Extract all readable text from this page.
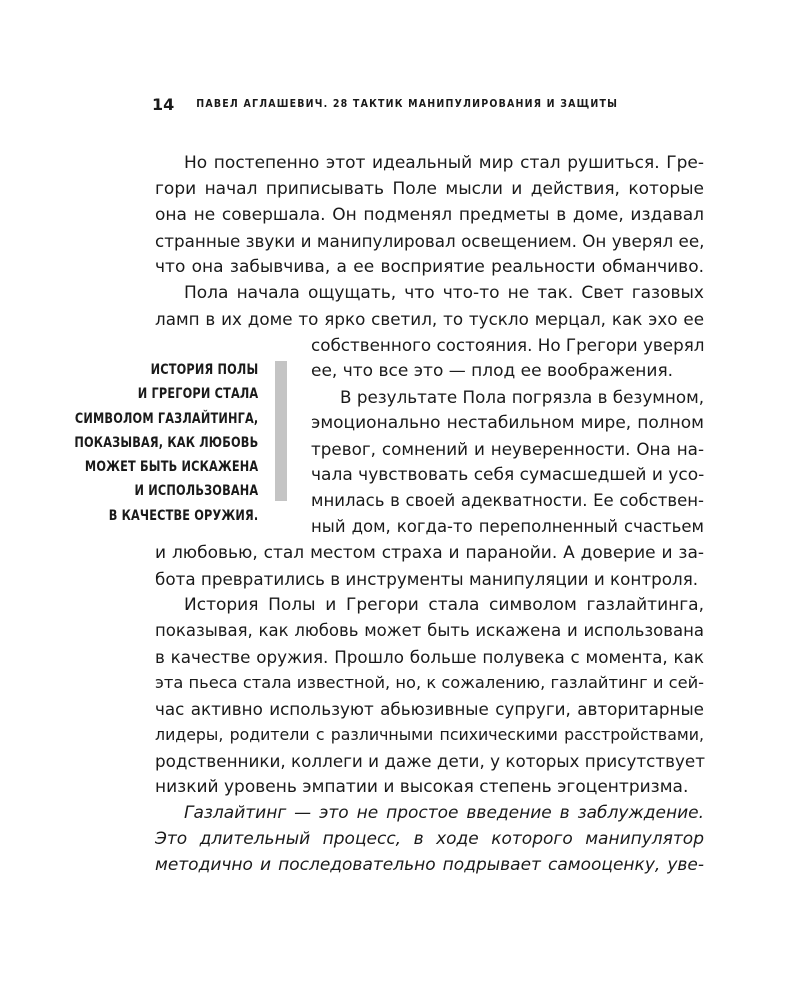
14 ПАВЕЛ АГЛАШЕВИЧ. 28 ТАКТИК МАНИПУЛИРОВАНИЯ И ЗАЩИТЫ
Но постепенно этот идеальный мир стал рушиться. Гре-
гори начал приписывать Поле мысли и действия, которые
она не совершала. Он подменял предметы в доме, издавал
странные звуки и манипулировал освещением. Он уверял ее,
что она забывчива, а ее восприятие реальности обманчиво.
Пола начала ощущать, что что-то не так. Свет газовых
ламп в их доме то ярко светил, то тускло мерцал, как эхо ее
собственного состояния. Но Грегори уверял
ее, что все это — плод ее воображения.
В результате Пола погрязла в безумном,
эмоционально нестабильном мире, полном
тревог, сомнений и неуверенности. Она на-
чала чувствовать себя сумасшедшей и усо-
мнилась в своей адекватности. Ее собствен-
ный дом, когда-то переполненный счастьем
и любовью, стал местом страха и паранойи. А доверие и за-
бота превратились в инструменты манипуляции и контроля.
История Полы и Грегори стала символом газлайтинга,
показывая, как любовь может быть искажена и использована
в качестве оружия. Прошло больше полувека с момента, как
эта пьеса стала известной, но, к сожалению, газлайтинг и сей-
час активно используют абьюзивные супруги, авторитарные
лидеры, родители с различными психическими расстройствами,
родственники, коллеги и даже дети, у которых присутствует
низкий уровень эмпатии и высокая степень эгоцентризма.
Газлайтинг — это не простое введение в заблуждение.
Это длительный процесс, в ходе которого манипулятор
методично и последовательно подрывает самооценку, уве-
ИСТОРИЯ ПОЛЫ
И ГРЕГОРИ СТАЛА
СИМВОЛОМ ГАЗЛАЙТИНГА,
ПОКАЗЫВАЯ, КАК ЛЮБОВЬ
МОЖЕТ БЫТЬ ИСКАЖЕНА
И ИСПОЛЬЗОВАНА
В КАЧЕСТВЕ ОРУЖИЯ.
